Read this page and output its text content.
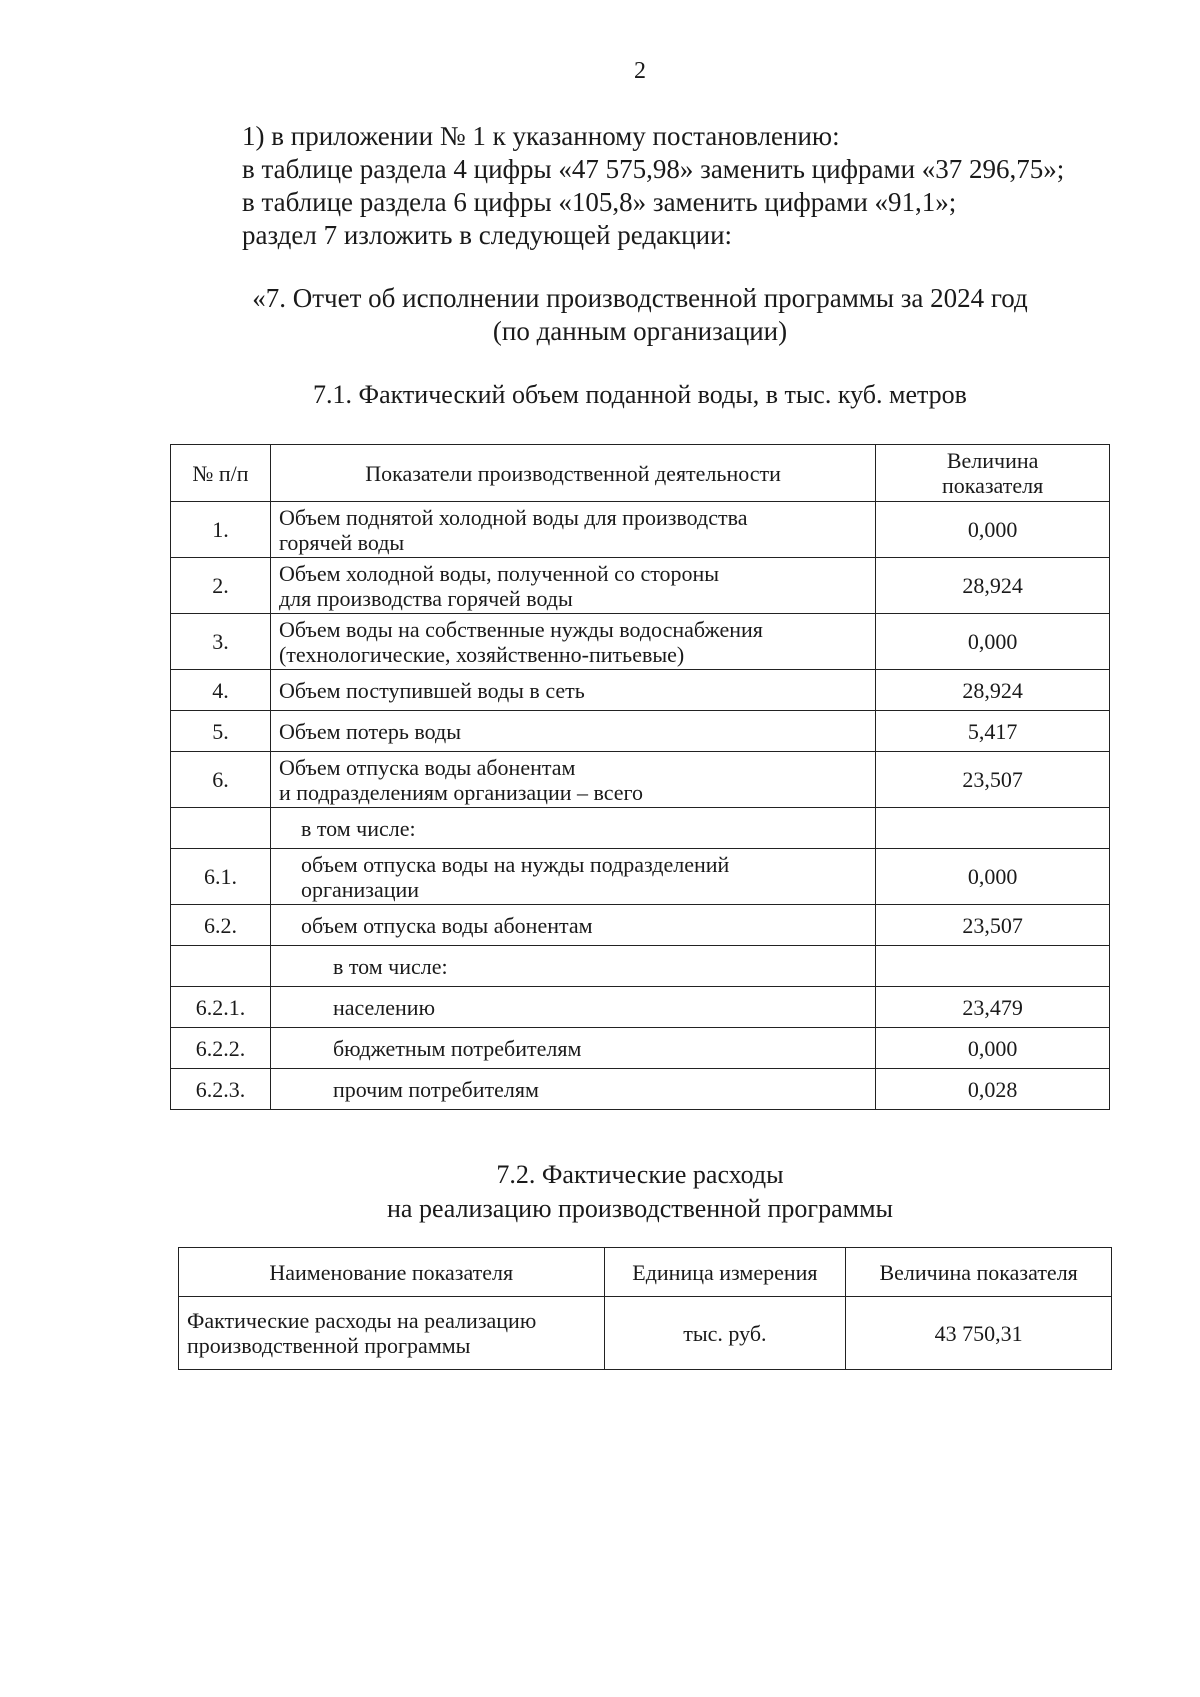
2
1) в приложении № 1 к указанному постановлению:
в таблице раздела 4 цифры «47 575,98» заменить цифрами «37 296,75»;
в таблице раздела 6 цифры «105,8» заменить цифрами «91,1»;
раздел 7 изложить в следующей редакции:
«7. Отчет об исполнении производственной программы за 2024 год
(по данным организации)
7.1. Фактический объем поданной воды, в тыс. куб. метров
№ п/п	Показатели производственной деятельности	Величина
показателя

1.	Объем поднятой холодной воды для производства
горячей воды	0,000
2.	Объем холодной воды, полученной со стороны
для производства горячей воды	28,924
3.	Объем воды на собственные нужды водоснабжения
(технологические, хозяйственно-питьевые)	0,000
4.	Объем поступившей воды в сеть	28,924
5.	Объем потерь воды	5,417
6.	Объем отпуска воды абонентам
и подразделениям организации – всего	23,507
	в том числе:	
6.1.	объем отпуска воды на нужды подразделений
организации	0,000
6.2.	объем отпуска воды абонентам	23,507
	в том числе:	
6.2.1.	населению	23,479
6.2.2.	бюджетным потребителям	0,000
6.2.3.	прочим потребителям	0,028
7.2. Фактические расходы
на реализацию производственной программы
Наименование показателя	Единица измерения	Величина показателя

Фактические расходы на реализацию
производственной программы	тыс. руб.	43 750,31
